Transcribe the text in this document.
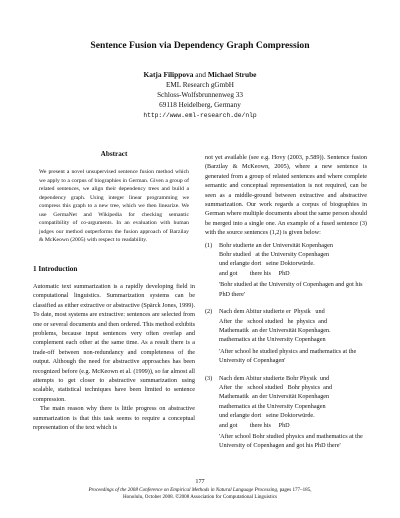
Sentence Fusion via Dependency Graph Compression
Katja Filippova and Michael Strube
EML Research gGmbH
Schloss-Wolfsbrunnenweg 33
69118 Heidelberg, Germany
http://www.eml-research.de/nlp
Abstract
We present a novel unsupervised sentence fusion method which we apply to a corpus of biographies in German. Given a group of related sentences, we align their dependency trees and build a dependency graph. Using integer linear programming we compress this graph to a new tree, which we then linearize. We use GermaNet and Wikipedia for checking semantic compatibility of co-arguments. In an evaluation with human judges our method outperforms the fusion approach of Barzilay & McKeown (2005) with respect to readability.
1 Introduction

Automatic text summarization is a rapidly developing field in computational linguistics. Summarization systems can be classified as either extractive or abstractive (Spärck Jones, 1999). To date, most systems are extractive: sentences are selected from one or several documents and then ordered. This method exhibits problems, because input sentences very often overlap and complement each other at the same time. As a result there is a trade-off between non-redundancy and completeness of the output. Although the need for abstractive approaches has been recognized before (e.g. McKeown et al. (1999)), so far almost all attempts to get closer to abstractive summarization using scalable, statistical techniques have been limited to sentence compression.

The main reason why there is little progress on abstractive summarization is that this task seems to require a conceptual representation of the text which is

not yet available (see e.g. Hovy (2003, p.589)). Sentence fusion (Barzilay & McKeown, 2005), where a new sentence is generated from a group of related sentences and where complete semantic and conceptual representation is not required, can be seen as a middle-ground between extractive and abstractive summarization. Our work regards a corpus of biographies in German where multiple documents about the same person should be merged into a single one. An example of a fused sentence (3) with the source sentences (1,2) is given below:

(1)	Bohr studierte an der Universität Kopenhagen
Bohr studied   at the University Copenhagen
und erlangte dort   seine Doktorwürde.
and got        there his     PhD
'Bohr studied at the University of Copenhagen and got his PhD there'
(2)	Nach dem Abitur studierte er  Physik   und
After  the   school studied   he  physics  and
Mathematik  an der Universität Kopenhagen.
mathematics at the University Copenhagen
'After school he studied physics and mathematics at the University of Copenhagen'
(3)	Nach dem Abitur studierte Bohr Physik  und
After  the   school studied   Bohr physics  and
Mathematik  an der Universität Kopenhagen
mathematics at the University Copenhagen
und erlangte dort   seine Doktorwürde.
and got        there his     PhD
'After school Bohr studied physics and mathematics at the University of Copenhagen and got his PhD there'
177
Proceedings of the 2008 Conference on Empirical Methods in Natural Language Processing, pages 177–185,
Honolulu, October 2008. ©2008 Association for Computational Linguistics
